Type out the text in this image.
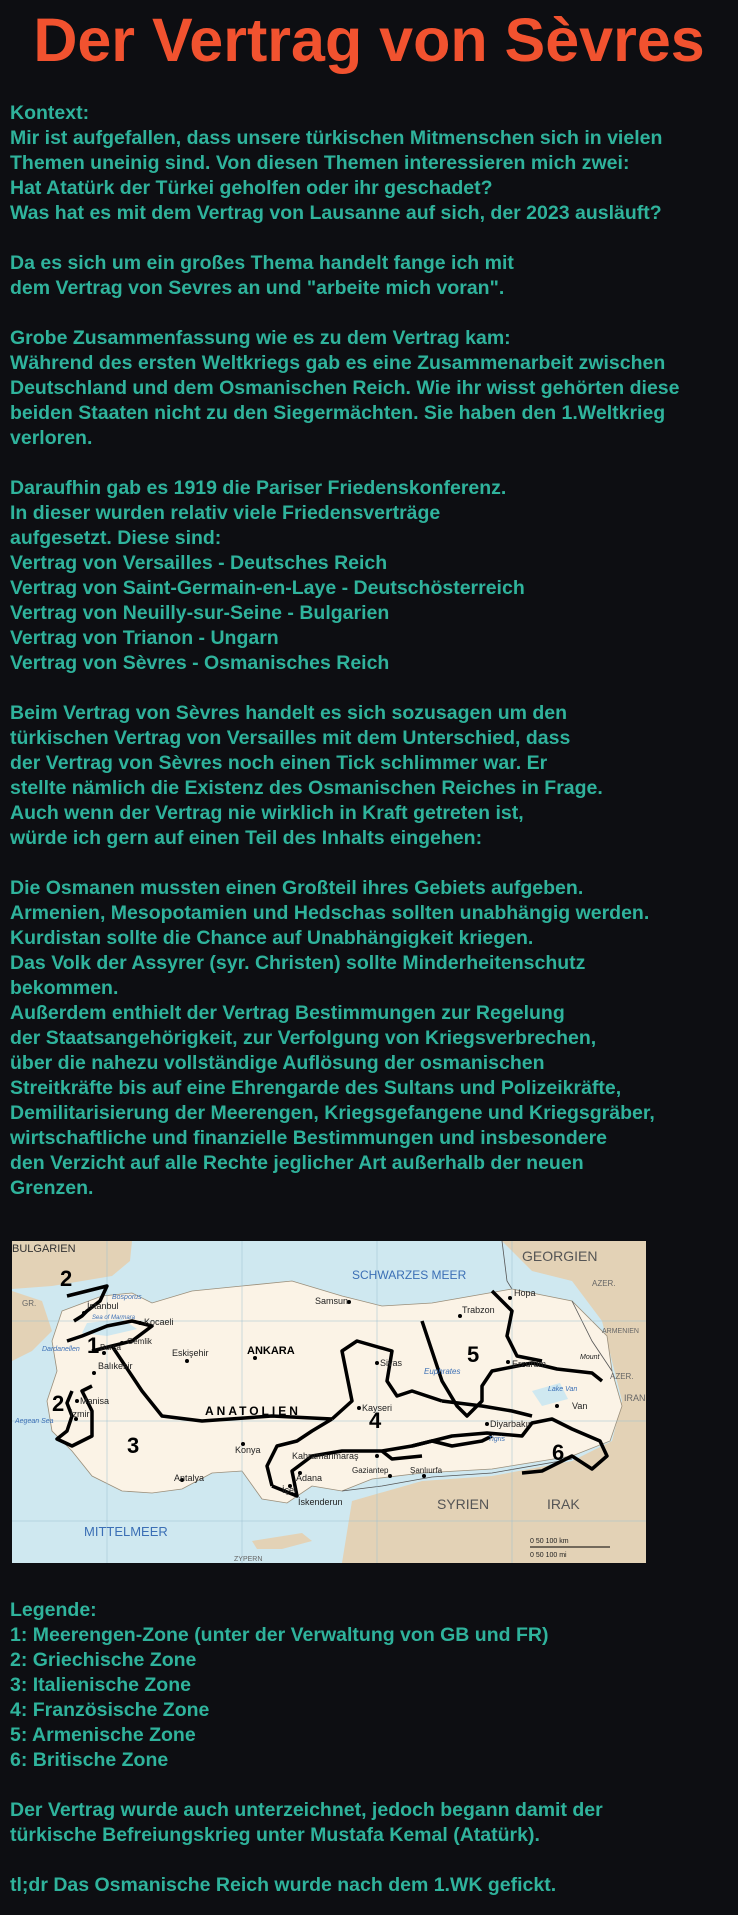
Der Vertrag von Sèvres
Kontext:
Mir ist aufgefallen, dass unsere türkischen Mitmenschen sich in vielen
Themen uneinig sind. Von diesen Themen interessieren mich zwei:
Hat Atatürk der Türkei geholfen oder ihr geschadet?
Was hat es mit dem Vertrag von Lausanne auf sich, der 2023 ausläuft?
Da es sich um ein großes Thema handelt fange ich mit
dem Vertrag von Sevres an und "arbeite mich voran".
Grobe Zusammenfassung wie es zu dem Vertrag kam:
Während des ersten Weltkriegs gab es eine Zusammenarbeit zwischen
Deutschland und dem Osmanischen Reich. Wie ihr wisst gehörten diese
beiden Staaten nicht zu den Siegermächten. Sie haben den 1.Weltkrieg
verloren.
Daraufhin gab es 1919 die Pariser Friedenskonferenz.
In dieser wurden relativ viele Friedensverträge
aufgesetzt. Diese sind:
Vertrag von Versailles - Deutsches Reich
Vertrag von Saint-Germain-en-Laye - Deutschösterreich
Vertrag von Neuilly-sur-Seine - Bulgarien
Vertrag von Trianon - Ungarn
Vertrag von Sèvres - Osmanisches Reich
Beim Vertrag von Sèvres handelt es sich sozusagen um den
türkischen Vertrag von Versailles mit dem Unterschied, dass
der Vertrag von Sèvres noch einen Tick schlimmer war. Er
stellte nämlich die Existenz des Osmanischen Reiches in Frage.
Auch wenn der Vertrag nie wirklich in Kraft getreten ist,
würde ich gern auf einen Teil des Inhalts eingehen:
Die Osmanen mussten einen Großteil ihres Gebiets aufgeben.
Armenien, Mesopotamien und Hedschas sollten unabhängig werden.
Kurdistan sollte die Chance auf Unabhängigkeit kriegen.
Das Volk der Assyrer (syr. Christen) sollte Minderheitenschutz
bekommen.
Außerdem enthielt der Vertrag Bestimmungen zur Regelung
der Staatsangehörigkeit, zur Verfolgung von Kriegsverbrechen,
über die nahezu vollständige Auflösung der osmanischen
Streitkräfte bis auf eine Ehrengarde des Sultans und Polizeikräfte,
Demilitarisierung der Meerengen, Kriegsgefangene und Kriegsgräber,
wirtschaftliche und finanzielle Bestimmungen und insbesondere
den Verzicht auf alle Rechte jeglicher Art außerhalb der neuen
Grenzen.
BULGARIEN	GEORGIEN
SCHWARZES MEER
AZER.
ARMENIEN
AZER.
IRAN
GR.	İstanbul
Bosporus
Kocaeli
Sea of Marmara
Gemlik
Bursa
Dardanellen
Balıkesir
Eskişehir	ANKARA
Samsun
Trabzon
Hopa
Erzurum
Mount
Sivas
Euphrates
Manisa
İzmir
Aegean Sea
ANATOLIEN	Kayseri
Lake Van
Van
Konya
Kahramanmaraş
Diyarbakır
Tigris
Antalya	Adana
Gaziantep	Şanlıurfa
İçel
İskenderun	SYRIEN	IRAK
MITTELMEER
ZYPERN
0 50 100 km
0 50 100 mi
2
1
2
3
4
5
6
Legende:
1: Meerengen-Zone (unter der Verwaltung von GB und FR)
2: Griechische Zone
3: Italienische Zone
4: Französische Zone
5: Armenische Zone
6: Britische Zone
Der Vertrag wurde auch unterzeichnet, jedoch begann damit der
türkische Befreiungskrieg unter Mustafa Kemal (Atatürk).
tl;dr Das Osmanische Reich wurde nach dem 1.WK gefickt.
